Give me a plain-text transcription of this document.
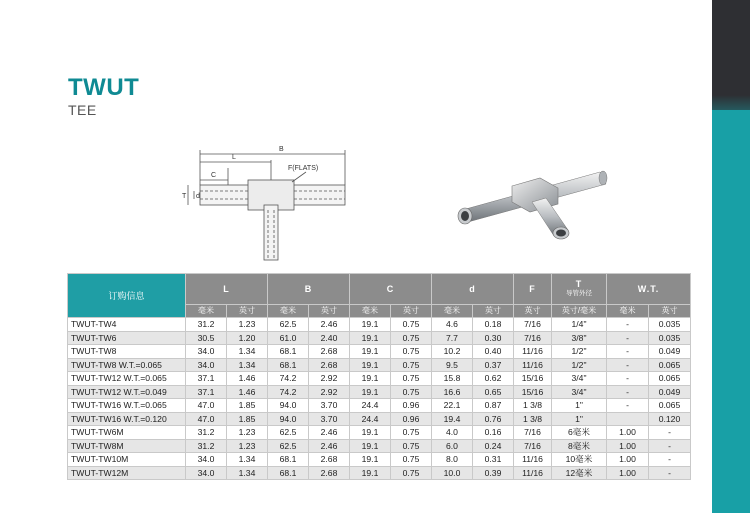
TWUT
TEE
B
L
C
F(FLATS)
T d
订购信息	L		B		C		d		F	T
导管外径	W.T.	
	毫米	英寸	毫米	英寸	毫米	英寸	毫米	英寸	英寸	英寸/毫米	毫米	英寸
TWUT-TW4	31.2	1.23	62.5	2.46	19.1	0.75	4.6	0.18	7/16	1/4"	-	0.035
TWUT-TW6	30.5	1.20	61.0	2.40	19.1	0.75	7.7	0.30	7/16	3/8"	-	0.035
TWUT-TW8	34.0	1.34	68.1	2.68	19.1	0.75	10.2	0.40	11/16	1/2"	-	0.049
TWUT-TW8 W.T.=0.065	34.0	1.34	68.1	2.68	19.1	0.75	9.5	0.37	11/16	1/2"	-	0.065
TWUT-TW12 W.T.=0.065	37.1	1.46	74.2	2.92	19.1	0.75	15.8	0.62	15/16	3/4"	-	0.065
TWUT-TW12 W.T.=0.049	37.1	1.46	74.2	2.92	19.1	0.75	16.6	0.65	15/16	3/4"	-	0.049
TWUT-TW16 W.T.=0.065	47.0	1.85	94.0	3.70	24.4	0.96	22.1	0.87	1 3/8	1"	-	0.065
TWUT-TW16 W.T.=0.120	47.0	1.85	94.0	3.70	24.4	0.96	19.4	0.76	1 3/8	1"		0.120
TWUT-TW6M	31.2	1.23	62.5	2.46	19.1	0.75	4.0	0.16	7/16	6毫米	1.00	-
TWUT-TW8M	31.2	1.23	62.5	2.46	19.1	0.75	6.0	0.24	7/16	8毫米	1.00	-
TWUT-TW10M	34.0	1.34	68.1	2.68	19.1	0.75	8.0	0.31	11/16	10毫米	1.00	-
TWUT-TW12M	34.0	1.34	68.1	2.68	19.1	0.75	10.0	0.39	11/16	12毫米	1.00	-
